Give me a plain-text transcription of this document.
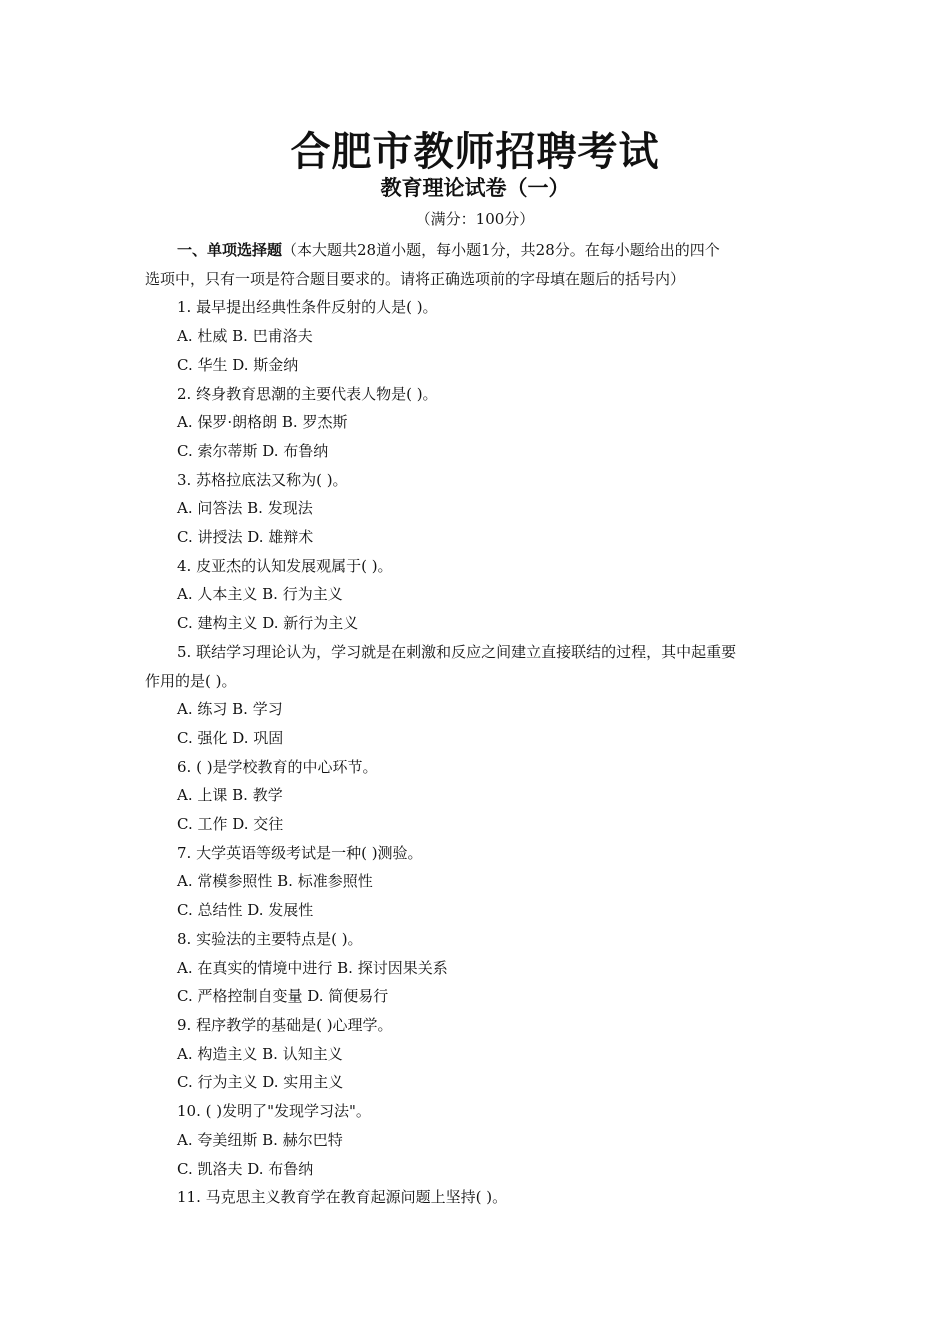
合肥市教师招聘考试
教育理论试卷（一）
（满分：100分）

一、单项选择题（本大题共28道小题，每小题1分，共28分。在每小题给出的四个

选项中，只有一项是符合题目要求的。请将正确选项前的字母填在题后的括号内）

1. 最早提出经典性条件反射的人是( )。

A. 杜威 B. 巴甫洛夫

C. 华生 D. 斯金纳

2. 终身教育思潮的主要代表人物是( )。

A. 保罗·朗格朗 B. 罗杰斯

C. 索尔蒂斯 D. 布鲁纳

3. 苏格拉底法又称为( )。

A. 问答法 B. 发现法

C. 讲授法 D. 雄辩术

4. 皮亚杰的认知发展观属于( )。

A. 人本主义 B. 行为主义

C. 建构主义 D. 新行为主义

5. 联结学习理论认为，学习就是在刺激和反应之间建立直接联结的过程，其中起重要

作用的是( )。

A. 练习 B. 学习

C. 强化 D. 巩固

6. ( )是学校教育的中心环节。

A. 上课 B. 教学

C. 工作 D. 交往

7. 大学英语等级考试是一种( )测验。

A. 常模参照性 B. 标准参照性

C. 总结性 D. 发展性

8. 实验法的主要特点是( )。

A. 在真实的情境中进行 B. 探讨因果关系

C. 严格控制自变量 D. 简便易行

9. 程序教学的基础是( )心理学。

A. 构造主义 B. 认知主义

C. 行为主义 D. 实用主义

10. ( )发明了"发现学习法"。

A. 夸美纽斯 B. 赫尔巴特

C. 凯洛夫 D. 布鲁纳

11. 马克思主义教育学在教育起源问题上坚持( )。
